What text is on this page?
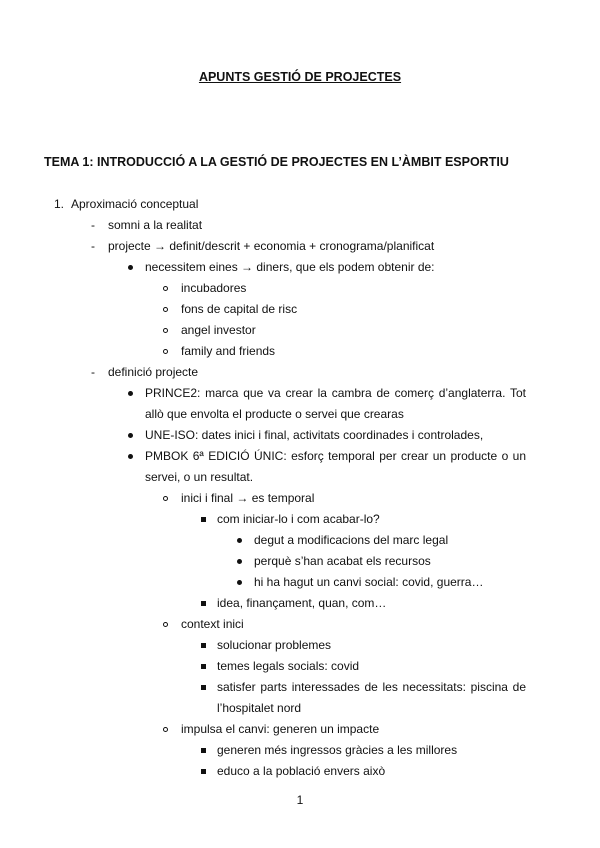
APUNTS GESTIÓ DE PROJECTES
TEMA 1: INTRODUCCIÓ A LA GESTIÓ DE PROJECTES EN L’ÀMBIT ESPORTIU
1. Aproximació conceptual
- somni a la realitat
- projecte → definit/descrit + economia + cronograma/planificat
necessitem eines → diners, que els podem obtenir de:
incubadores
fons de capital de risc
angel investor
family and friends
- definició projecte
PRINCE2: marca que va crear la cambra de comerç d’anglaterra. Tot
allò que envolta el producte o servei que crearas
UNE-ISO: dates inici i final, activitats coordinades i controlades,
PMBOK 6ª EDICIÓ ÚNIC: esforç temporal per crear un producte o un
servei, o un resultat.
inici i final → es temporal
com iniciar-lo i com acabar-lo?
degut a modificacions del marc legal
perquè s’han acabat els recursos
hi ha hagut un canvi social: covid, guerra…
idea, finançament, quan, com…
context inici
solucionar problemes
temes legals socials: covid
satisfer parts interessades de les necessitats: piscina de
l’hospitalet nord
impulsa el canvi: generen un impacte
generen més ingressos gràcies a les millores
educo a la població envers això
1
